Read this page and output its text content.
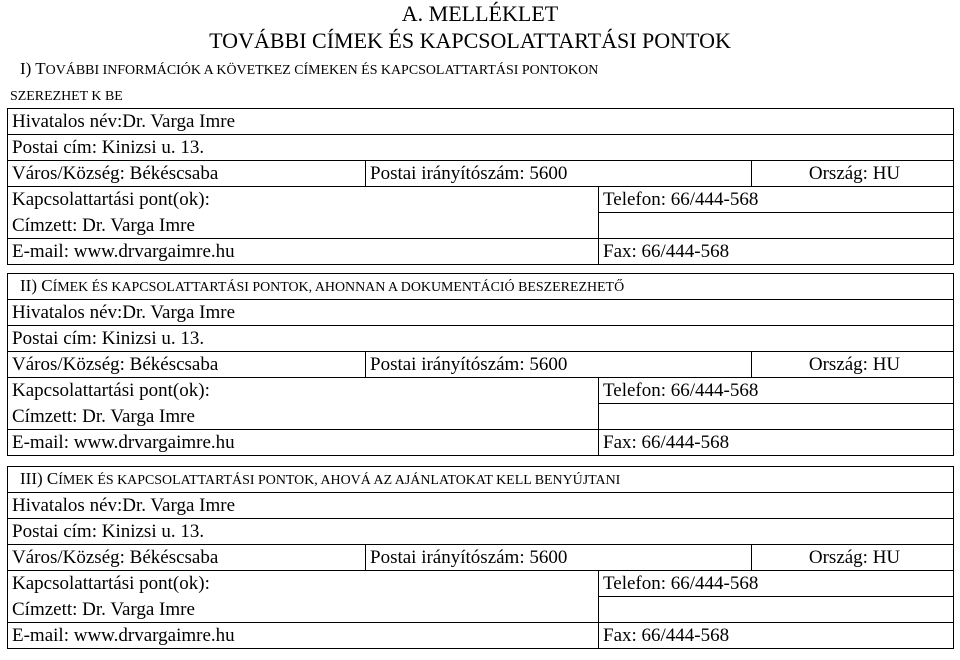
A. MELLÉKLET
TOVÁBBI CÍMEK ÉS KAPCSOLATTARTÁSI PONTOK
I) TOVÁBBI INFORMÁCIÓK A KÖVETKEZ CÍMEKEN ÉS KAPCSOLATTARTÁSI PONTOKON
SZEREZHET K BE
Hivatalos név:Dr. Varga Imre			
Postai cím: Kinizsi u. 13.			
Város/Község: Békéscsaba	Postai irányítószám: 5600		Ország: HU
Kapcsolattartási pont(ok):		Telefon: 66/444-568	
Címzett: Dr. Varga Imre			
E-mail: www.drvargaimre.hu		Fax: 66/444-568	
II) CÍMEK ÉS KAPCSOLATTARTÁSI PONTOK, AHONNAN A DOKUMENTÁCIÓ BESZEREZHETŐ			
Hivatalos név:Dr. Varga Imre			
Postai cím: Kinizsi u. 13.			
Város/Község: Békéscsaba	Postai irányítószám: 5600		Ország: HU
Kapcsolattartási pont(ok):		Telefon: 66/444-568	
Címzett: Dr. Varga Imre			
E-mail: www.drvargaimre.hu		Fax: 66/444-568	
III) CÍMEK ÉS KAPCSOLATTARTÁSI PONTOK, AHOVÁ AZ AJÁNLATOKAT KELL BENYÚJTANI			
Hivatalos név:Dr. Varga Imre			
Postai cím: Kinizsi u. 13.			
Város/Község: Békéscsaba	Postai irányítószám: 5600		Ország: HU
Kapcsolattartási pont(ok):		Telefon: 66/444-568	
Címzett: Dr. Varga Imre			
E-mail: www.drvargaimre.hu		Fax: 66/444-568	
